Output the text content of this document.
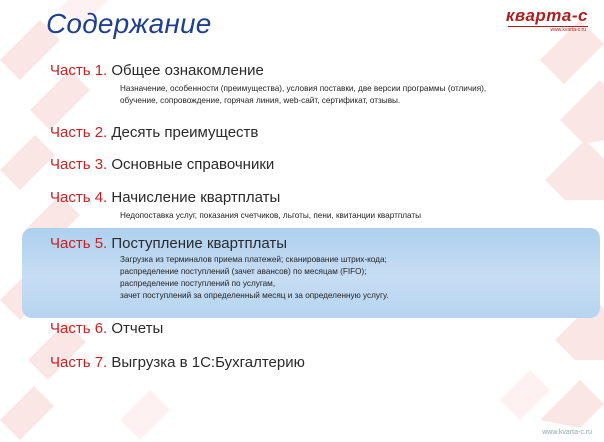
Содержание	кварта-с
www.kvarta-c.ru
Часть 1. Общее ознакомление
Назначение, особенности (преимущества), условия поставки, две версии программы (отличия),
обучение, сопровождение, горячая линия, web-сайт, сертификат, отзывы.
Часть 2. Десять преимуществ
Часть 3. Основные справочники
Часть 4. Начисление квартплаты
Недопоставка услуг, показания счетчиков, льготы, пени, квитанции квартплаты
Часть 5. Поступление квартплаты
Загрузка из терминалов приема платежей; сканирование штрих-кода;
распределение поступлений (зачет авансов) по месяцам (FIFO);
распределение поступлений по услугам,
зачет поступлений за определенный месяц и за определенную услугу.
Часть 6. Отчеты
Часть 7. Выгрузка в 1С:Бухгалтерию
www.kvarta-c.ru
